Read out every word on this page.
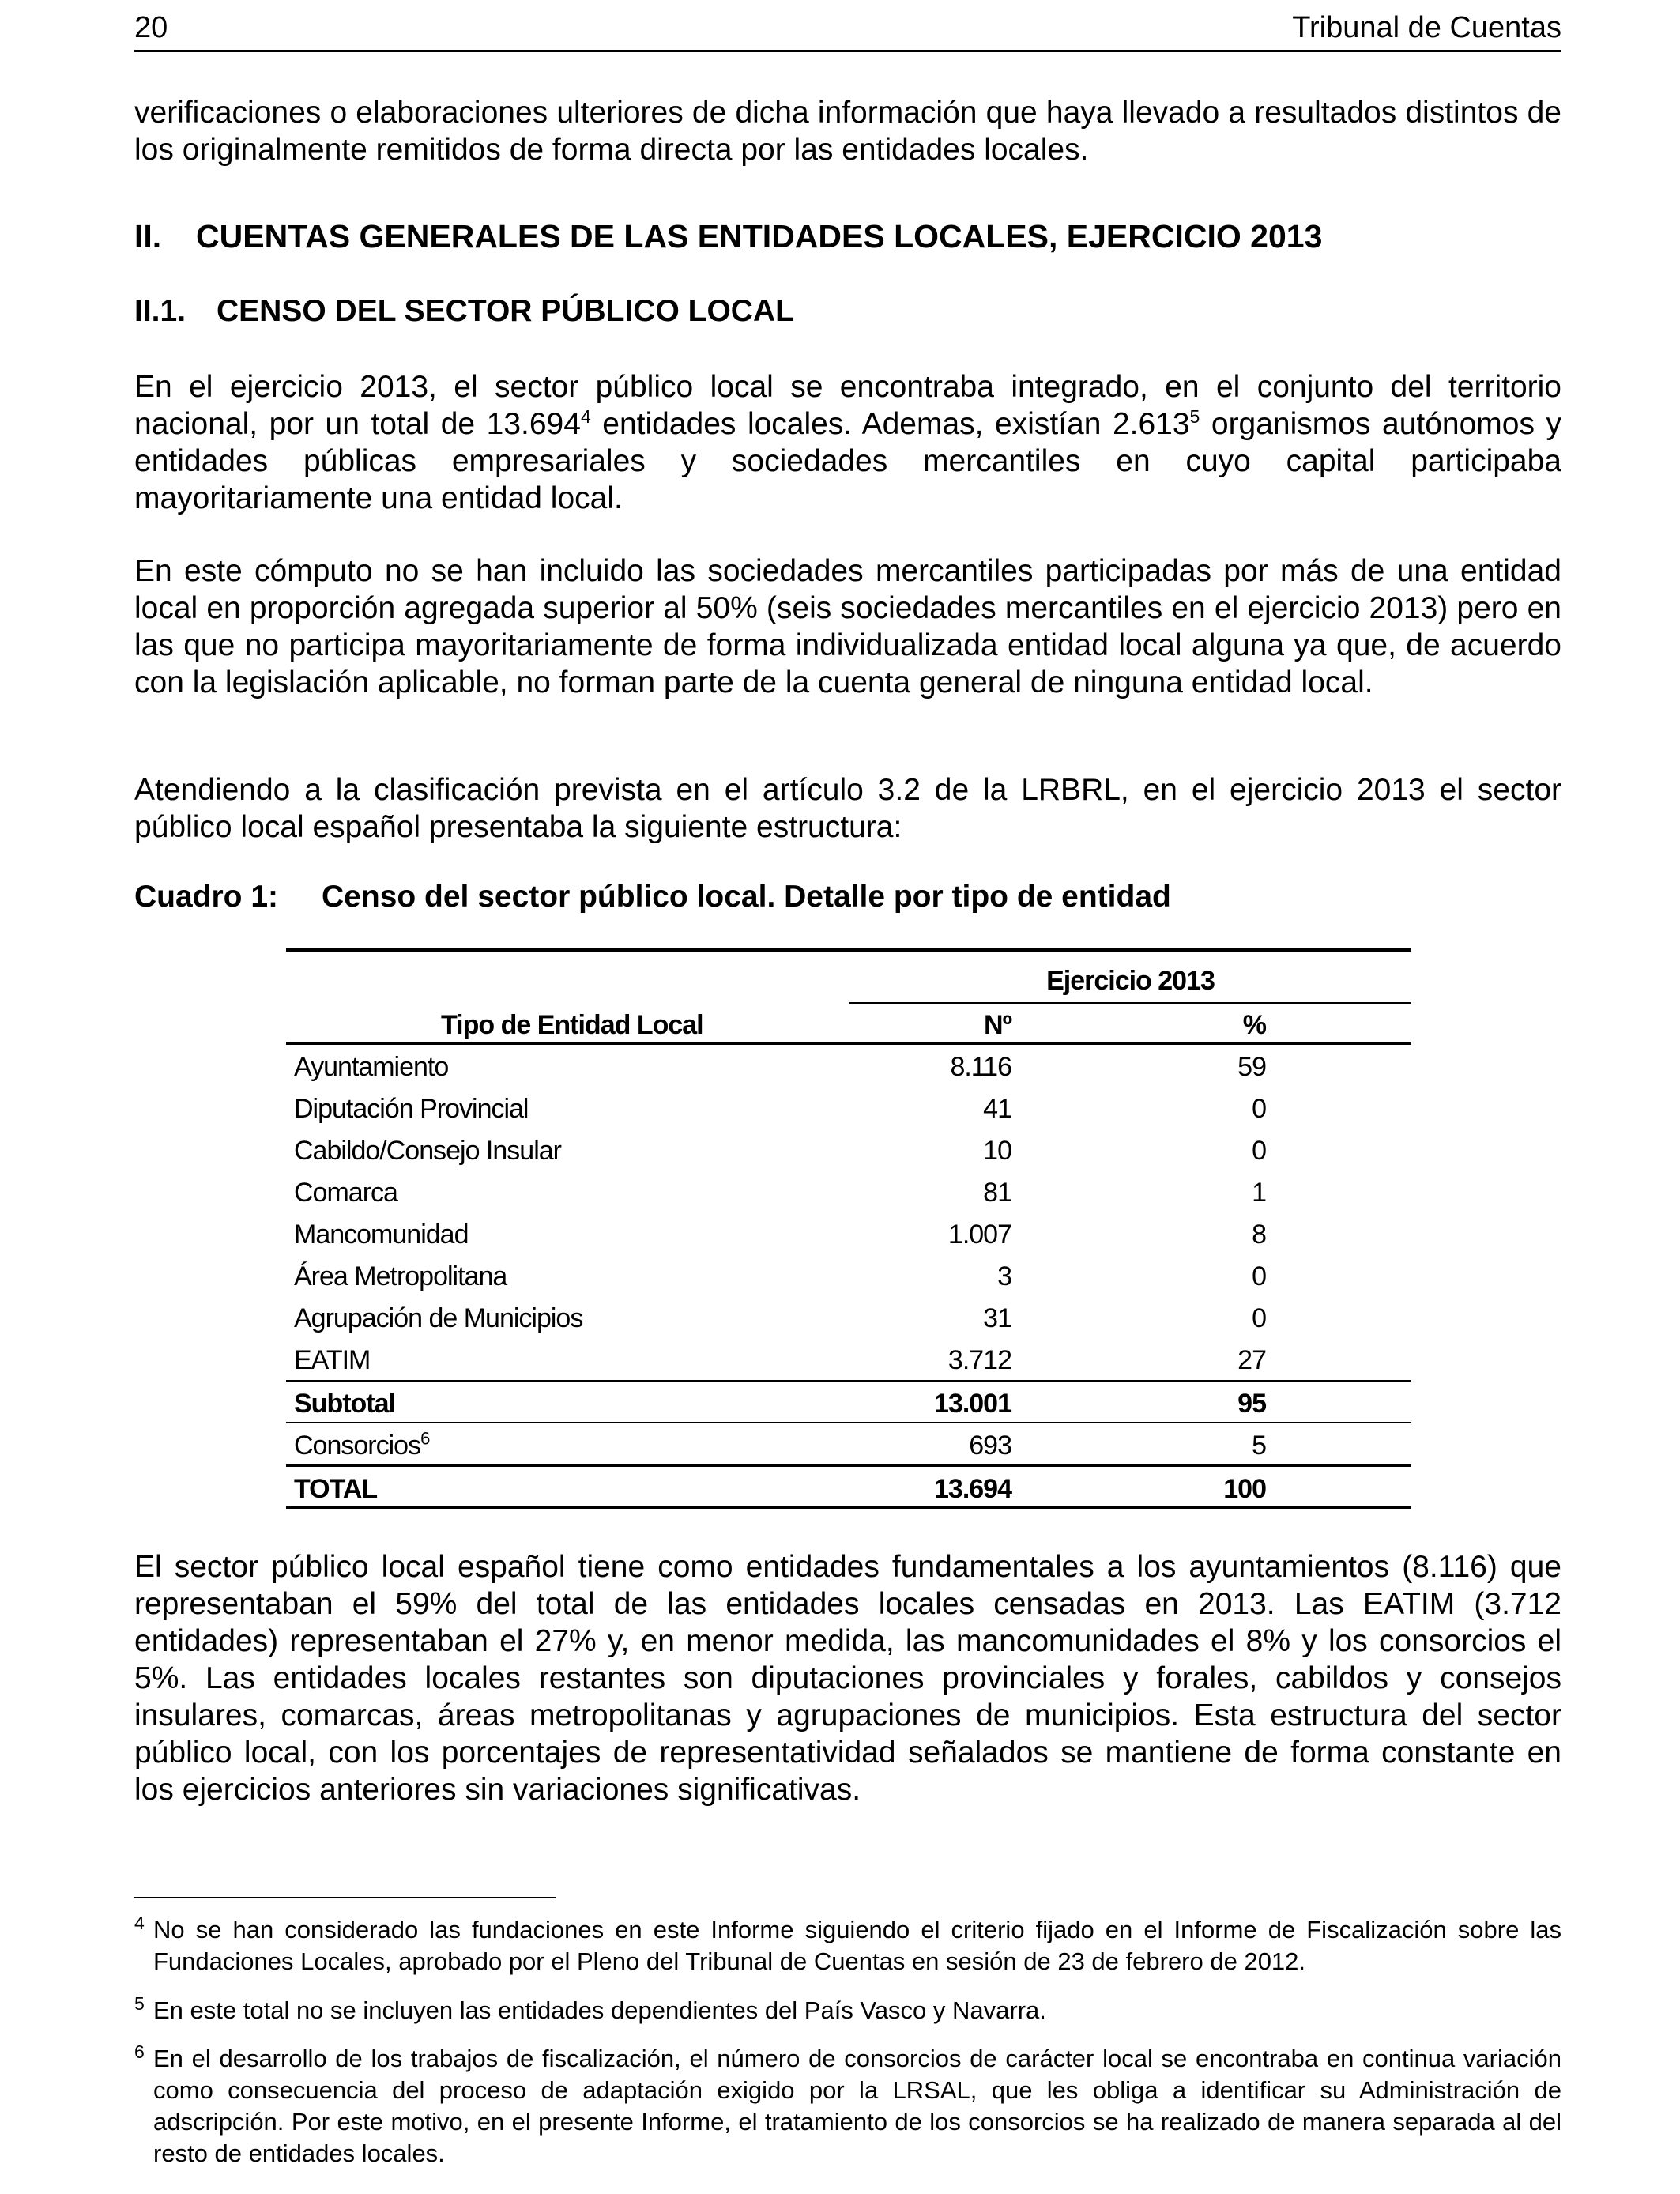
20	Tribunal de Cuentas

verificaciones o elaboraciones ulteriores de dicha información que haya llevado a resultados distintos de los originalmente remitidos de forma directa por las entidades locales.

II. CUENTAS GENERALES DE LAS ENTIDADES LOCALES, EJERCICIO 2013
II.1. CENSO DEL SECTOR PÚBLICO LOCAL

En el ejercicio 2013, el sector público local se encontraba integrado, en el conjunto del territorio nacional, por un total de 13.694$^4$ entidades locales. Ademas, existían 2.613$^5$ organismos autónomos y entidades públicas empresariales y sociedades mercantiles en cuyo capital participaba mayoritariamente una entidad local.

En este cómputo no se han incluido las sociedades mercantiles participadas por más de una entidad local en proporción agregada superior al 50% (seis sociedades mercantiles en el ejercicio 2013) pero en las que no participa mayoritariamente de forma individualizada entidad local alguna ya que, de acuerdo con la legislación aplicable, no forman parte de la cuenta general de ninguna entidad local.

Atendiendo a la clasificación prevista en el artículo 3.2 de la LRBRL, en el ejercicio 2013 el sector público local español presentaba la siguiente estructura:

Cuadro 1: Censo del sector público local. Detalle por tipo de entidad
Ejercicio 2013
Tipo de Entidad Local	Nº	%
Ayuntamiento	8.116	59
Diputación Provincial	41	0
Cabildo/Consejo Insular	10	0
Comarca	81	1
Mancomunidad	1.007	8
Área Metropolitana	3	0
Agrupación de Municipios	31	0
EATIM	3.712	27
Subtotal	13.001	95
Consorcios$^6$	693	5
TOTAL	13.694	100

El sector público local español tiene como entidades fundamentales a los ayuntamientos (8.116) que representaban el 59% del total de las entidades locales censadas en 2013. Las EATIM (3.712 entidades) representaban el 27% y, en menor medida, las mancomunidades el 8% y los consorcios el 5%. Las entidades locales restantes son diputaciones provinciales y forales, cabildos y consejos insulares, comarcas, áreas metropolitanas y agrupaciones de municipios. Esta estructura del sector público local, con los porcentajes de representatividad señalados se mantiene de forma constante en los ejercicios anteriores sin variaciones significativas.

4 No se han considerado las fundaciones en este Informe siguiendo el criterio fijado en el Informe de Fiscalización sobre las Fundaciones Locales, aprobado por el Pleno del Tribunal de Cuentas en sesión de 23 de febrero de 2012.
5 En este total no se incluyen las entidades dependientes del País Vasco y Navarra.
6 En el desarrollo de los trabajos de fiscalización, el número de consorcios de carácter local se encontraba en continua variación como consecuencia del proceso de adaptación exigido por la LRSAL, que les obliga a identificar su Administración de adscripción. Por este motivo, en el presente Informe, el tratamiento de los consorcios se ha realizado de manera separada al del resto de entidades locales.
